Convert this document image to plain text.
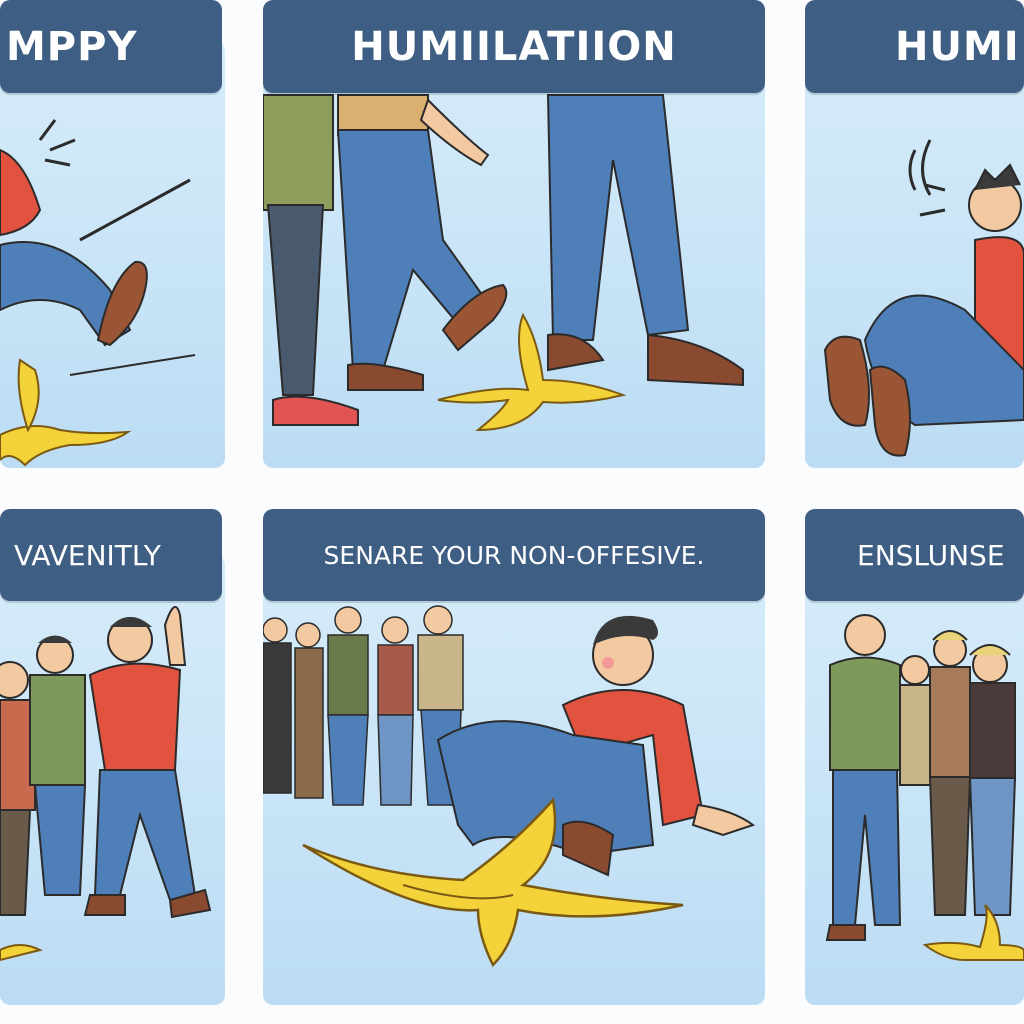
MPPY	HUMIILATIION	HUMI
VAVENITLY	SENARE YOUR NON-OFFESIVE.	ENSLUNSE
